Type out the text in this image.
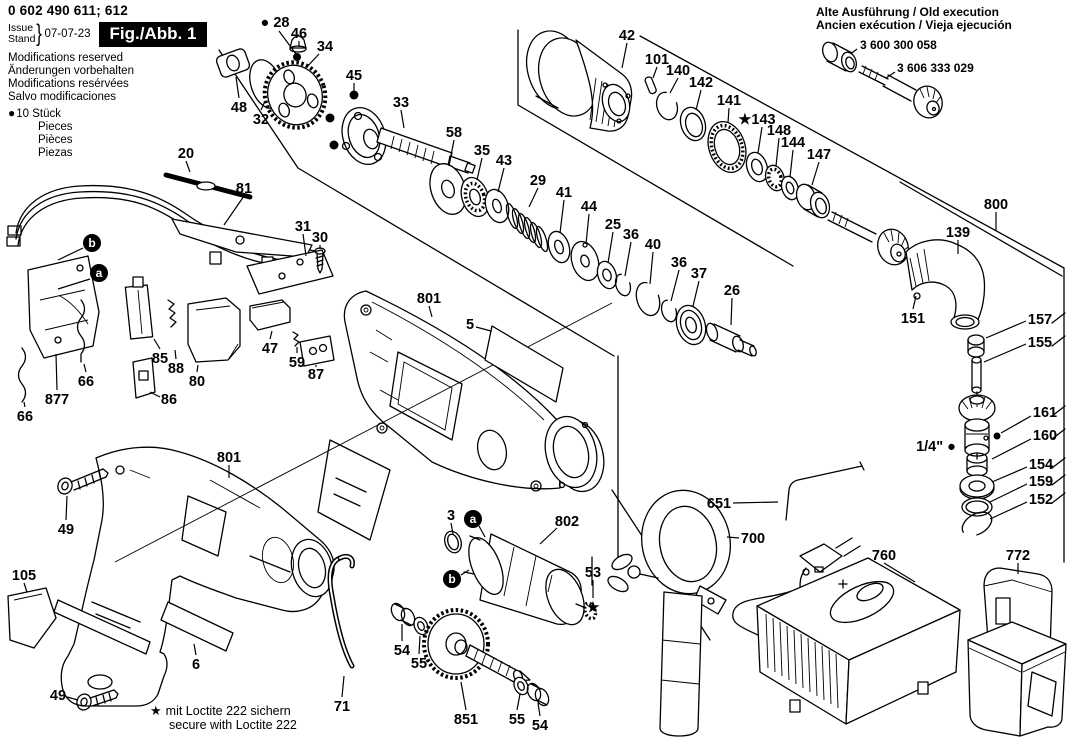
● 28
46
34
45
33
58
35
43
29
41
44
25
36
40
36
37
26
48
32
20
42
101
140
142
141
★143
148
144
147
800
139
151	157
155
161
160
154
159
152
1/4" ●
81
877
66
66
85
88
80
86
31
30
47
59
87
801
5
801
49
105
6
49
71
3	802
53
54
55
851 55 54
★
700
651
760	772
b
a
a
b
0 602 490 611; 612
Issue
Stand } 07-07-23	Fig./Abb. 1
Modifications reserved
Änderungen vorbehalten
Modifications resérvées
Salvo modificaciones
●10 Stück
Pieces
Pièces
Piezas
Alte Ausführung / Old execution
Ancien exécution / Vieja ejecución
3 600 300 058
3 606 333 029
★ mit Loctite 222 sichern
secure with Loctite 222
